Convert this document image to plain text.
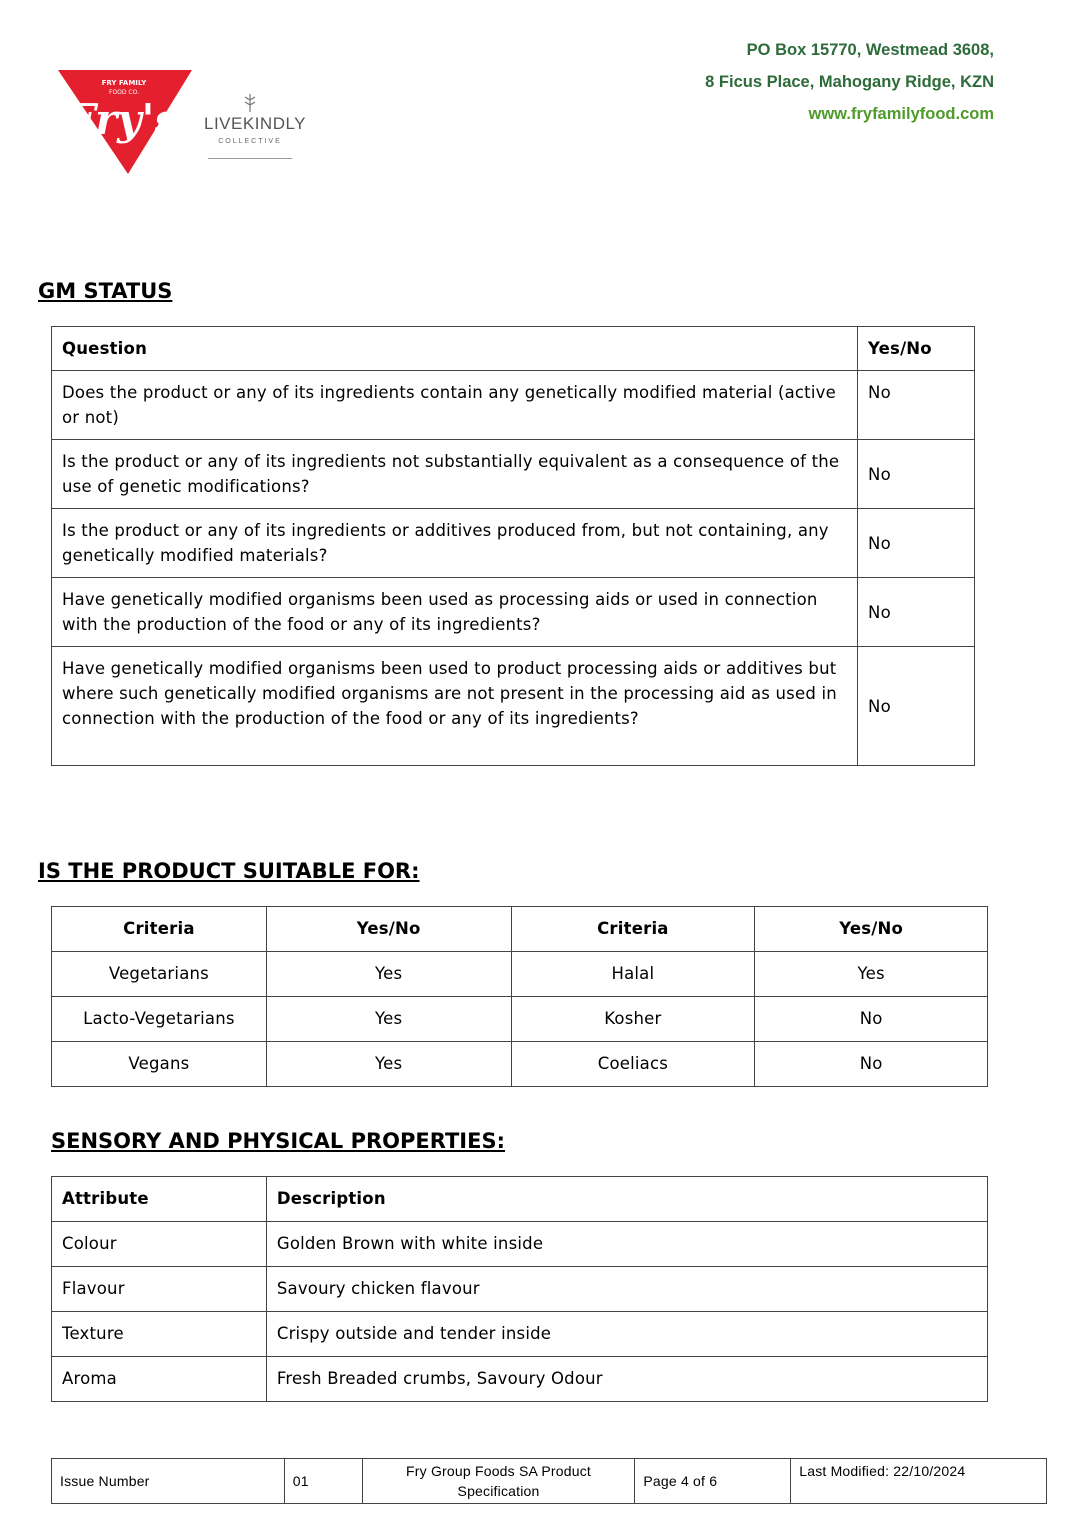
FRY FAMILY
FOOD CO.
Fry's LIVEKINDLY
COLLECTIVE
PO Box 15770, Westmead 3608,
8 Ficus Place, Mahogany Ridge, KZN
www.fryfamilyfood.com
GM STATUS
Question	Yes/No
Does the product or any of its ingredients contain any genetically modified material (active or not)	No
Is the product or any of its ingredients not substantially equivalent as a consequence of the use of genetic modifications?	No
Is the product or any of its ingredients or additives produced from, but not containing, any genetically modified materials?	No
Have genetically modified organisms been used as processing aids or used in connection with the production of the food or any of its ingredients?	No
Have genetically modified organisms been used to product processing aids or additives but where such genetically modified organisms are not present in the processing aid as used in connection with the production of the food or any of its ingredients?	No
IS THE PRODUCT SUITABLE FOR:
Criteria	Yes/No	Criteria	Yes/No
Vegetarians	Yes	Halal	Yes
Lacto-Vegetarians	Yes	Kosher	No
Vegans	Yes	Coeliacs	No
SENSORY AND PHYSICAL PROPERTIES:
Attribute	Description
Colour	Golden Brown with white inside
Flavour	Savoury chicken flavour
Texture	Crispy outside and tender inside
Aroma	Fresh Breaded crumbs, Savoury Odour
Issue Number	01	Fry Group Foods SA Product Specification	Page 4 of 6	Last Modified: 22/10/2024
